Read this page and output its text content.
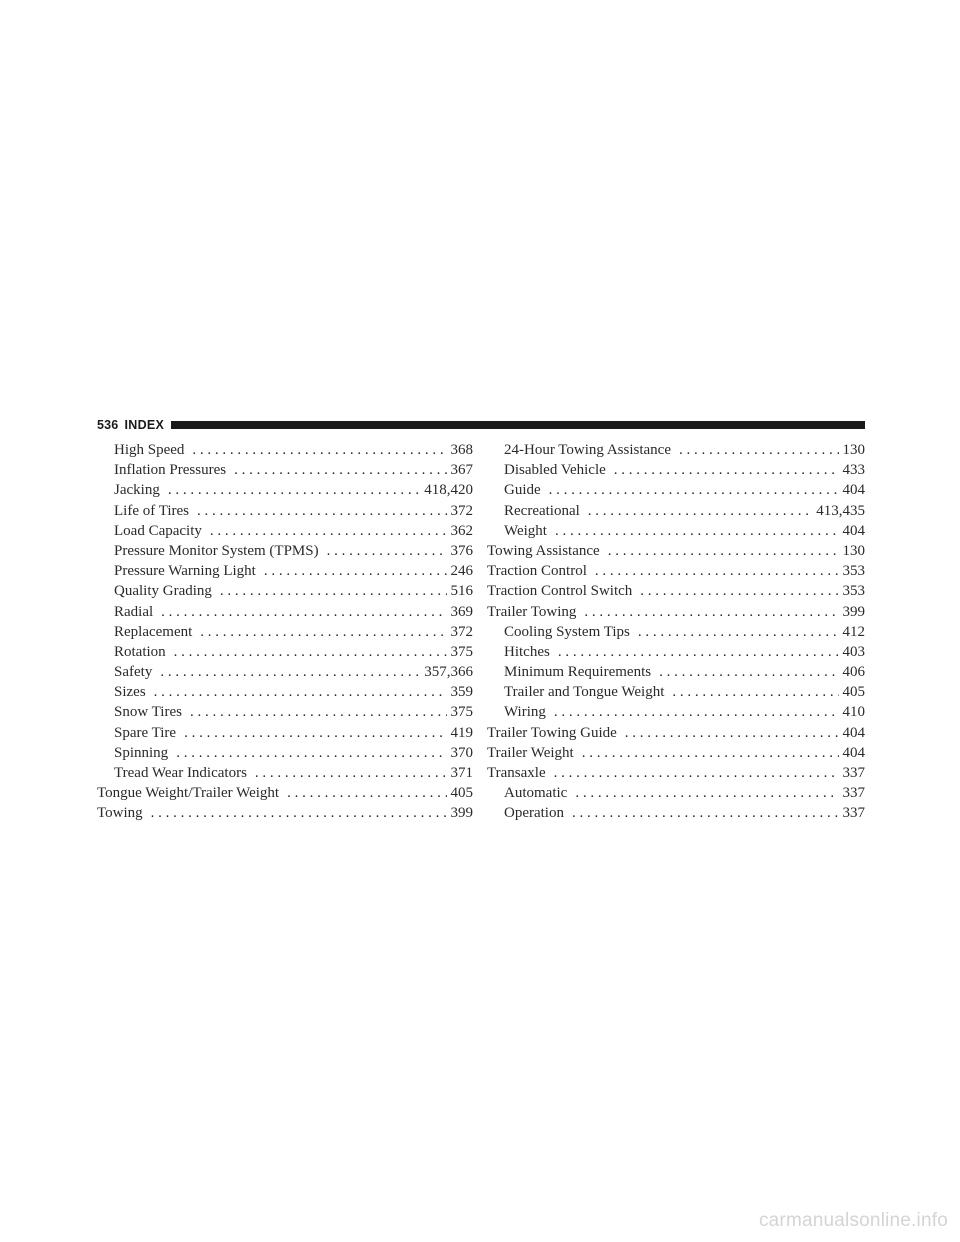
536 INDEX
High Speed . . .	368
Inflation Pressures . . .	367
Jacking . . .	418,420
Life of Tires . . .	372
Load Capacity . . .	362
Pressure Monitor System (TPMS) . . .	376
Pressure Warning Light . . .	246
Quality Grading . . .	516
Radial . . .	369
Replacement . . .	372
Rotation . . .	375
Safety . . .	357,366
Sizes . . .	359
Snow Tires . . .	375
Spare Tire . . .	419
Spinning . . .	370
Tread Wear Indicators . . .	371
Tongue Weight/Trailer Weight . . .	405
Towing . . .	399
24-Hour Towing Assistance . . .	130
Disabled Vehicle . . .	433
Guide . . .	404
Recreational . . .	413,435
Weight . . .	404
Towing Assistance . . .	130
Traction Control . . .	353
Traction Control Switch . . .	353
Trailer Towing . . .	399
Cooling System Tips . . .	412
Hitches . . .	403
Minimum Requirements . . .	406
Trailer and Tongue Weight . . .	405
Wiring . . .	410
Trailer Towing Guide . . .	404
Trailer Weight . . .	404
Transaxle . . .	337
Automatic . . .	337
Operation . . .	337
carmanualsonline.info
